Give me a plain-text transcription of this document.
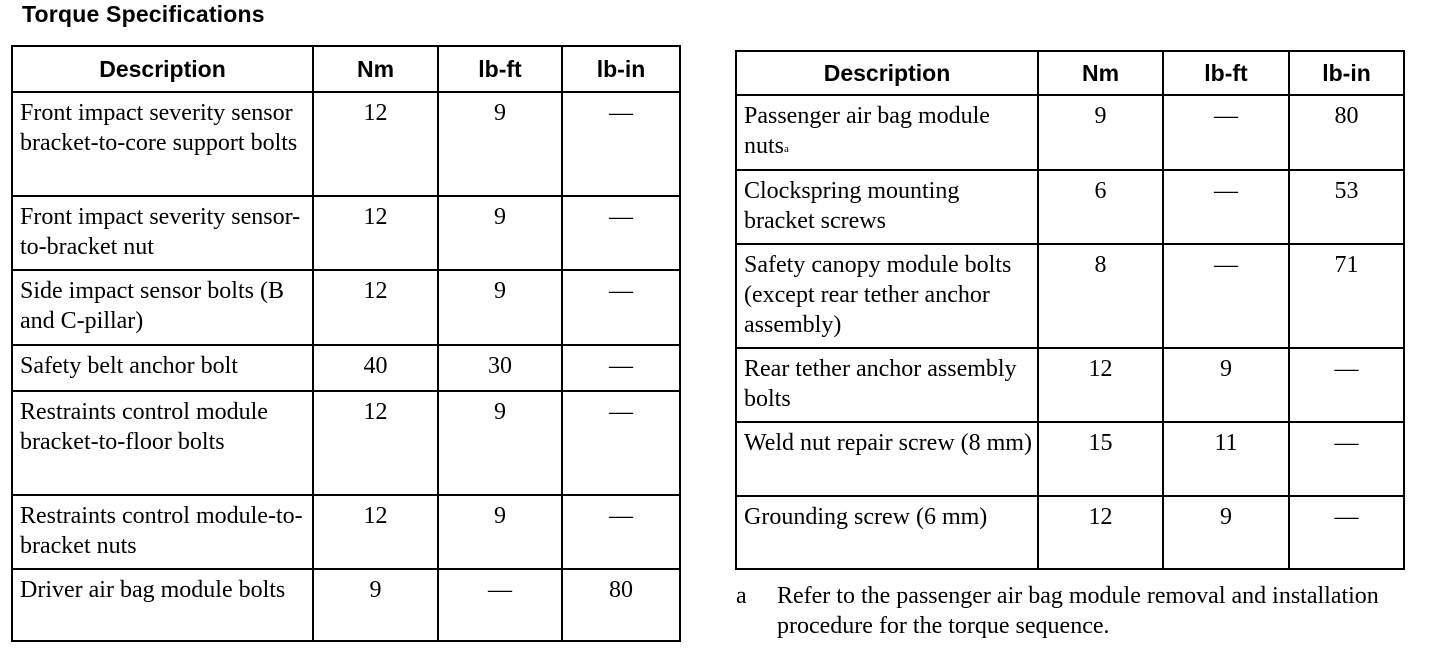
Torque Specifications
Description	Nm	lb-ft	lb-in
Front impact severity sensor bracket-to-core support bolts	12	9	—
Front impact severity sensor-to-bracket nut	12	9	—
Side impact sensor bolts (B and C-pillar)	12	9	—
Safety belt anchor bolt	40	30	—
Restraints control module bracket-to-floor bolts	12	9	—
Restraints control module-to-bracket nuts	12	9	—
Driver air bag module bolts	9	—	80
Description	Nm	lb-ft	lb-in
Passenger air bag module nuts$^a$	9	—	80
Clockspring mounting bracket screws	6	—	53
Safety canopy module bolts (except rear tether anchor assembly)	8	—	71
Rear tether anchor assembly bolts	12	9	—
Weld nut repair screw (8 mm)	15	11	—
Grounding screw (6 mm)	12	9	—
a Refer to the passenger air bag module removal and installation procedure for the torque sequence.
